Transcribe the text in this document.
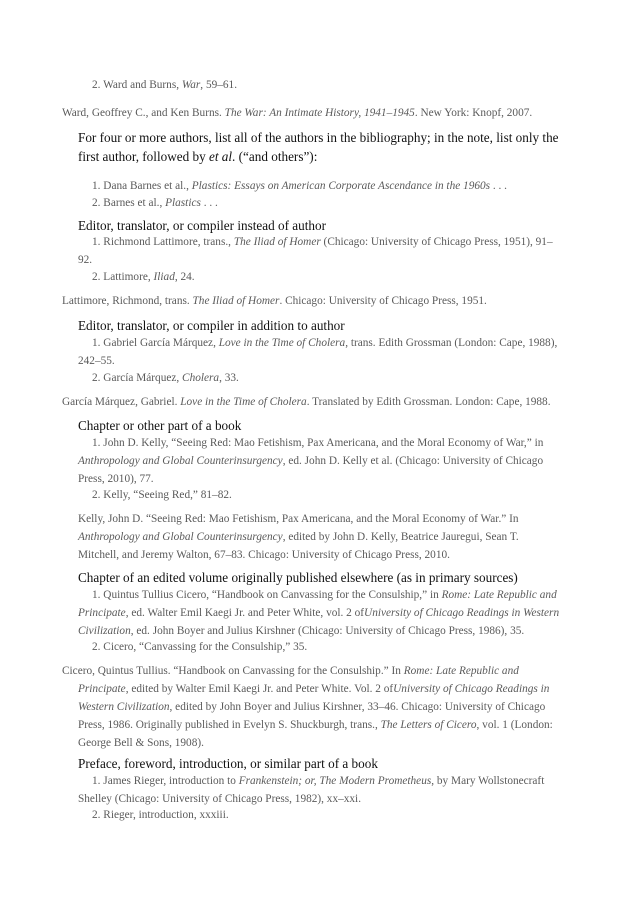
2. Ward and Burns, War, 59–61.

Ward, Geoffrey C., and Ken Burns. The War: An Intimate History, 1941–1945. New York: Knopf, 2007.

For four or more authors, list all of the authors in the bibliography; in the note, list only the first author, followed by et al. (“and others”):

1. Dana Barnes et al., Plastics: Essays on American Corporate Ascendance in the 1960s . . .

2. Barnes et al., Plastics . . .

Editor, translator, or compiler instead of author

1. Richmond Lattimore, trans., The Iliad of Homer (Chicago: University of Chicago Press, 1951), 91–92.

2. Lattimore, Iliad, 24.

Lattimore, Richmond, trans. The Iliad of Homer. Chicago: University of Chicago Press, 1951.

Editor, translator, or compiler in addition to author

1. Gabriel García Márquez, Love in the Time of Cholera, trans. Edith Grossman (London: Cape, 1988), 242–55.

2. García Márquez, Cholera, 33.

García Márquez, Gabriel. Love in the Time of Cholera. Translated by Edith Grossman. London: Cape, 1988.

Chapter or other part of a book

1. John D. Kelly, “Seeing Red: Mao Fetishism, Pax Americana, and the Moral Economy of War,” in Anthropology and Global Counterinsurgency, ed. John D. Kelly et al. (Chicago: University of Chicago Press, 2010), 77.

2. Kelly, “Seeing Red,” 81–82.

Kelly, John D. “Seeing Red: Mao Fetishism, Pax Americana, and the Moral Economy of War.” In Anthropology and Global Counterinsurgency, edited by John D. Kelly, Beatrice Jauregui, Sean T. Mitchell, and Jeremy Walton, 67–83. Chicago: University of Chicago Press, 2010.

Chapter of an edited volume originally published elsewhere (as in primary sources)

1. Quintus Tullius Cicero, “Handbook on Canvassing for the Consulship,” in Rome: Late Republic and Principate, ed. Walter Emil Kaegi Jr. and Peter White, vol. 2 ofUniversity of Chicago Readings in Western Civilization, ed. John Boyer and Julius Kirshner (Chicago: University of Chicago Press, 1986), 35.

2. Cicero, “Canvassing for the Consulship,” 35.

Cicero, Quintus Tullius. “Handbook on Canvassing for the Consulship.” In Rome: Late Republic and Principate, edited by Walter Emil Kaegi Jr. and Peter White. Vol. 2 ofUniversity of Chicago Readings in Western Civilization, edited by John Boyer and Julius Kirshner, 33–46. Chicago: University of Chicago Press, 1986. Originally published in Evelyn S. Shuckburgh, trans., The Letters of Cicero, vol. 1 (London: George Bell & Sons, 1908).

Preface, foreword, introduction, or similar part of a book

1. James Rieger, introduction to Frankenstein; or, The Modern Prometheus, by Mary Wollstonecraft Shelley (Chicago: University of Chicago Press, 1982), xx–xxi.

2. Rieger, introduction, xxxiii.
